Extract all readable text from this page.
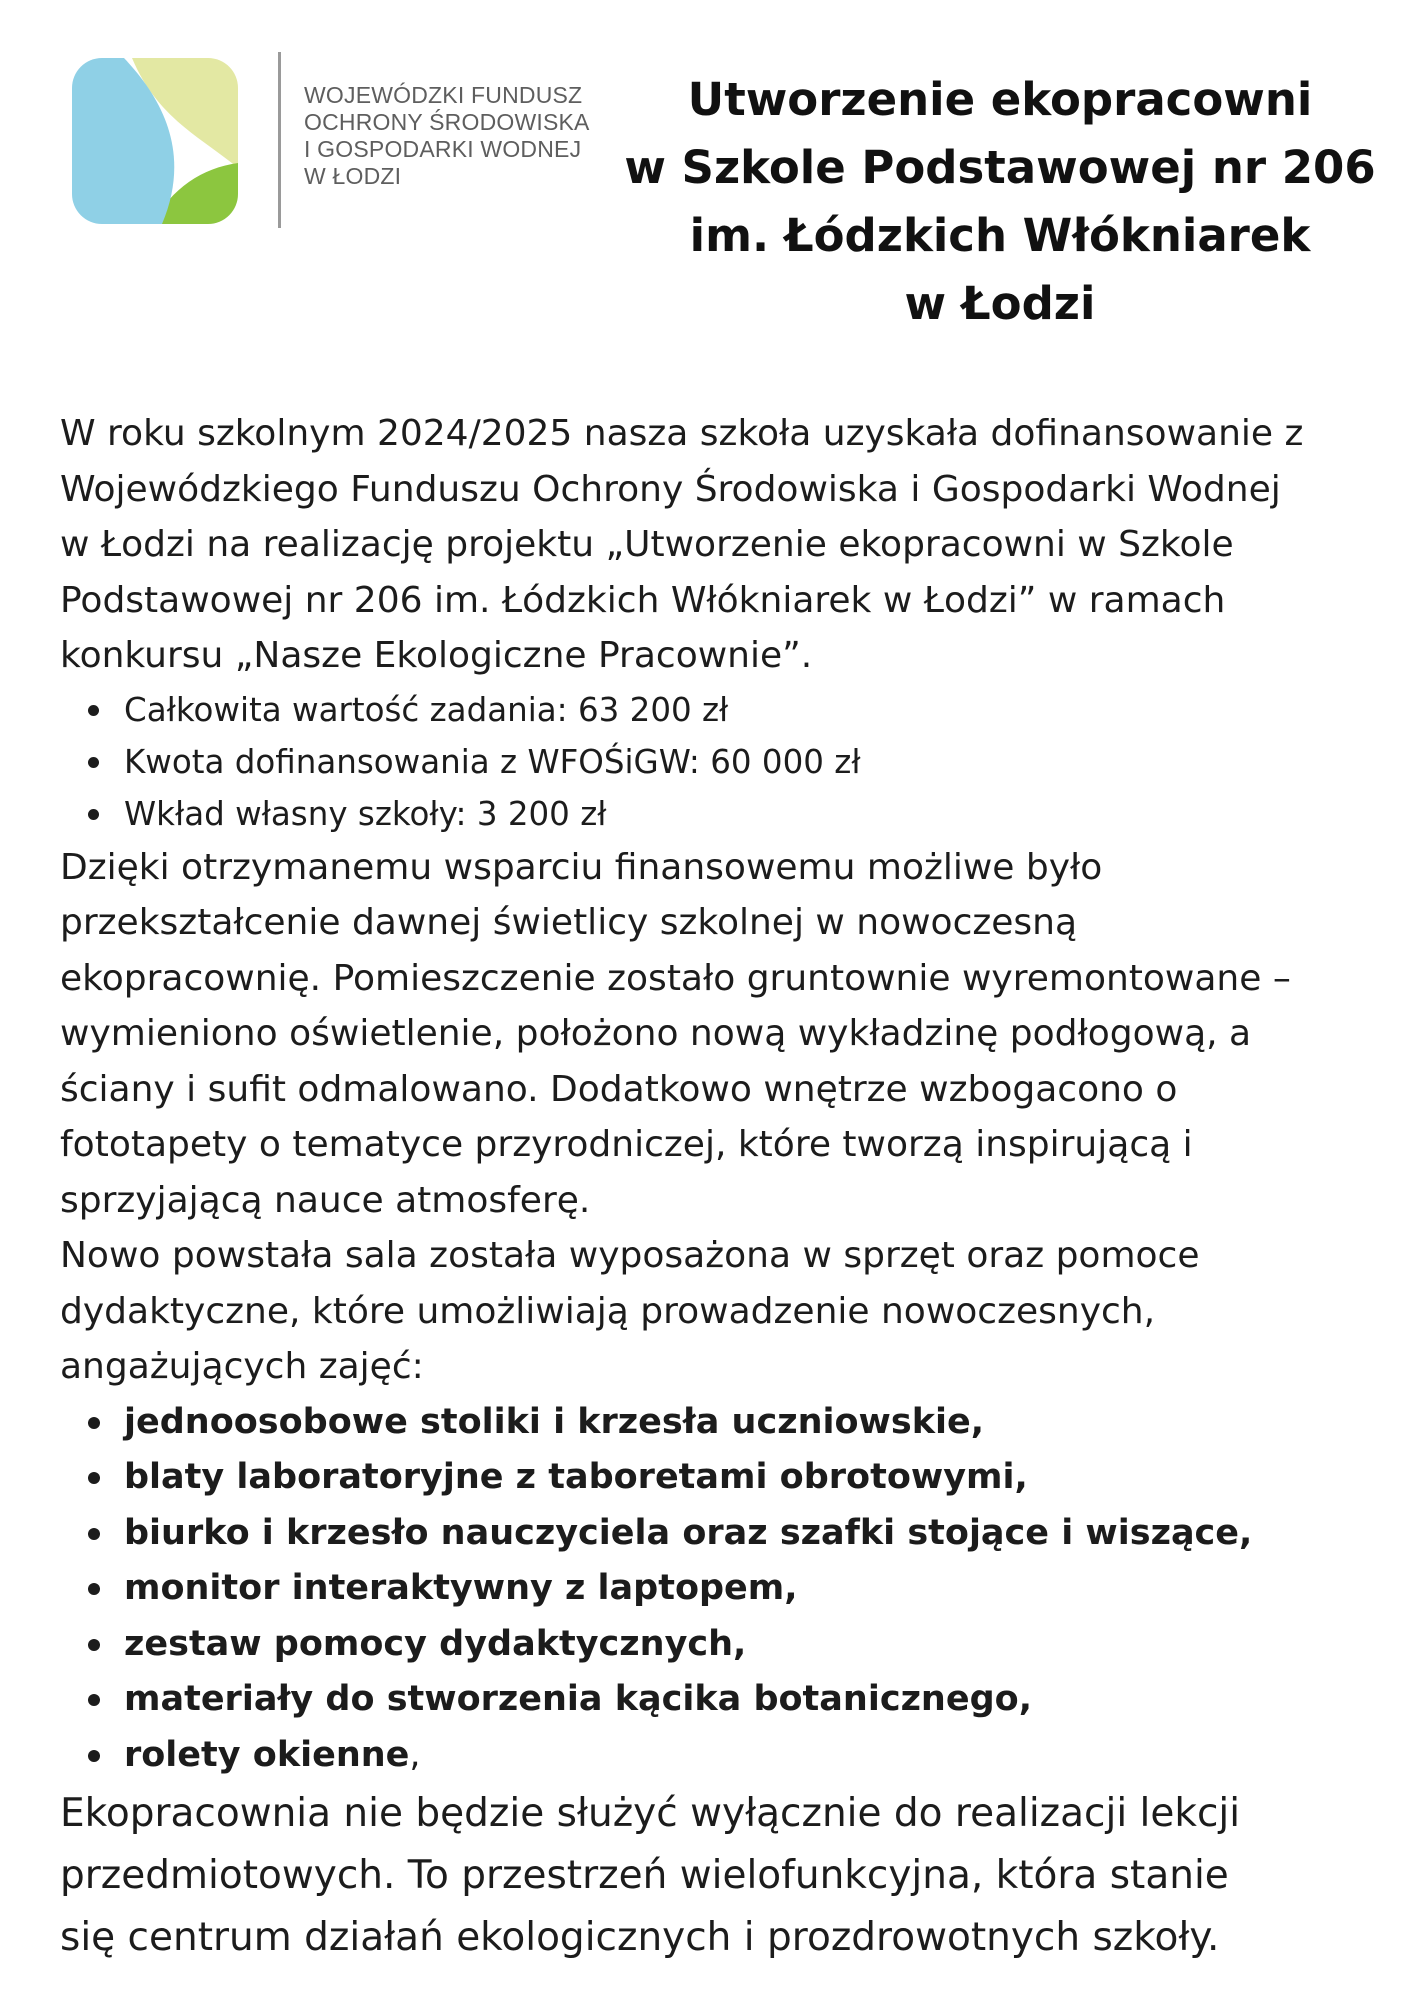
WOJEWÓDZKI FUNDUSZ
OCHRONY ŚRODOWISKA
I GOSPODARKI WODNEJ
W ŁODZI
Utworzenie ekopracowni
w Szkole Podstawowej nr 206
im. Łódzkich Włókniarek
w Łodzi
W roku szkolnym 2024/2025 nasza szkoła uzyskała dofinansowanie z
Wojewódzkiego Funduszu Ochrony Środowiska i Gospodarki Wodnej
w Łodzi na realizację projektu „Utworzenie ekopracowni w Szkole
Podstawowej nr 206 im. Łódzkich Włókniarek w Łodzi” w ramach
konkursu „Nasze Ekologiczne Pracownie”.
Całkowita wartość zadania: 63 200 zł
Kwota dofinansowania z WFOŚiGW: 60 000 zł
Wkład własny szkoły: 3 200 zł
Dzięki otrzymanemu wsparciu finansowemu możliwe było
przekształcenie dawnej świetlicy szkolnej w nowoczesną
ekopracownię. Pomieszczenie zostało gruntownie wyremontowane –
wymieniono oświetlenie, położono nową wykładzinę podłogową, a
ściany i sufit odmalowano. Dodatkowo wnętrze wzbogacono o
fototapety o tematyce przyrodniczej, które tworzą inspirującą i
sprzyjającą nauce atmosferę.
Nowo powstała sala została wyposażona w sprzęt oraz pomoce
dydaktyczne, które umożliwiają prowadzenie nowoczesnych,
angażujących zajęć:
jednoosobowe stoliki i krzesła uczniowskie,
blaty laboratoryjne z taboretami obrotowymi,
biurko i krzesło nauczyciela oraz szafki stojące i wiszące,
monitor interaktywny z laptopem,
zestaw pomocy dydaktycznych,
materiały do stworzenia kącika botanicznego,
rolety okienne,
Ekopracownia nie będzie służyć wyłącznie do realizacji lekcji
przedmiotowych. To przestrzeń wielofunkcyjna, która stanie
się centrum działań ekologicznych i prozdrowotnych szkoły.
